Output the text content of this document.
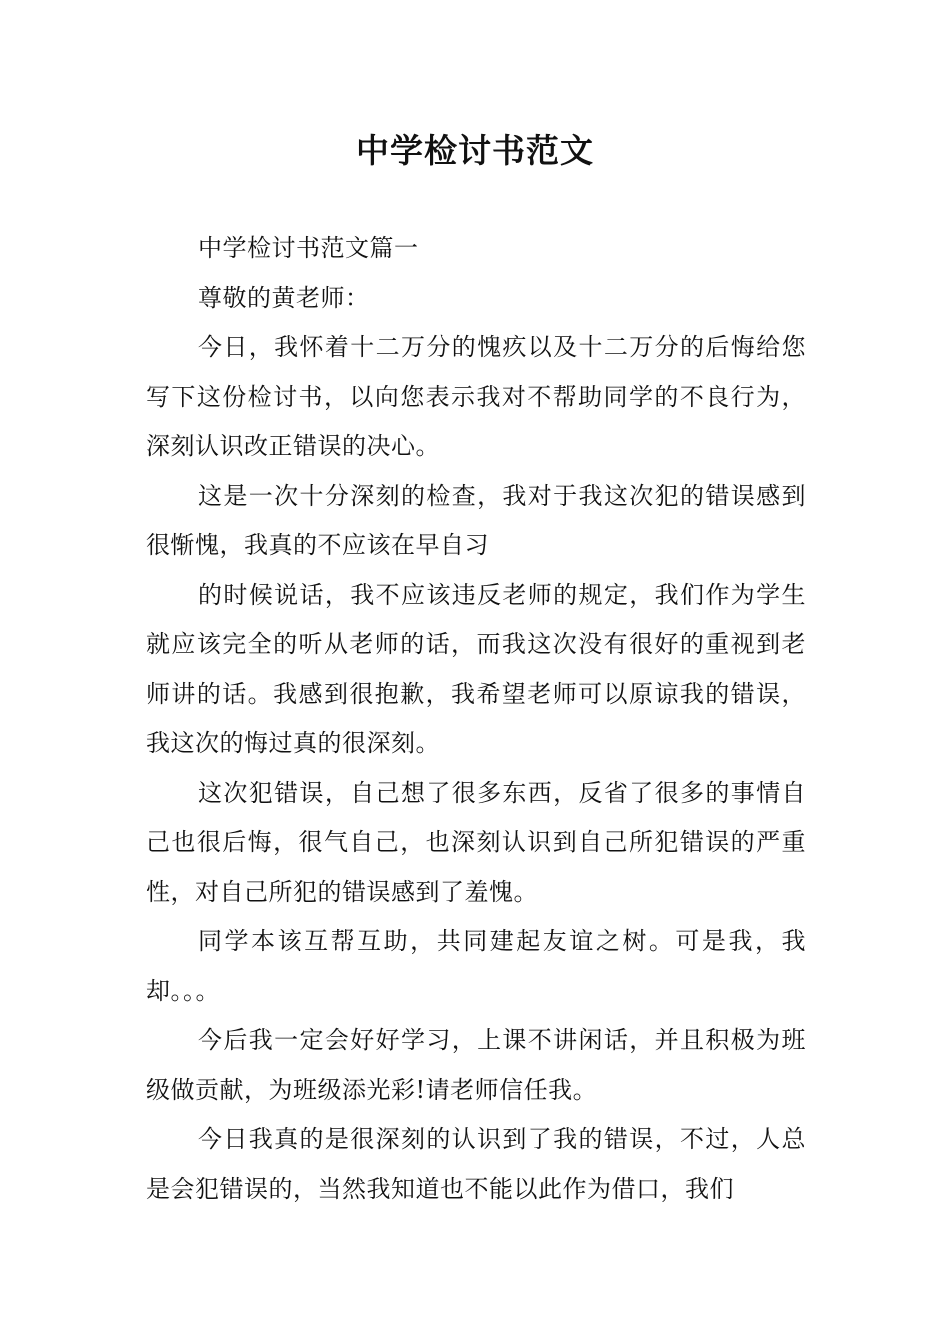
中学检讨书范文

中学检讨书范文篇一

尊敬的黄老师：

今日，我怀着十二万分的愧疚以及十二万分的后悔给您写下这份检讨书，以向您表示我对不帮助同学的不良行为，深刻认识改正错误的决心。

这是一次十分深刻的检查，我对于我这次犯的错误感到很惭愧，我真的不应该在早自习

的时候说话，我不应该违反老师的规定，我们作为学生就应该完全的听从老师的话，而我这次没有很好的重视到老师讲的话。我感到很抱歉，我希望老师可以原谅我的错误，我这次的悔过真的很深刻。

这次犯错误，自己想了很多东西，反省了很多的事情自己也很后悔，很气自己，也深刻认识到自己所犯错误的严重性，对自己所犯的错误感到了羞愧。

同学本该互帮互助，共同建起友谊之树。可是我，我却。。。

今后我一定会好好学习，上课不讲闲话，并且积极为班级做贡献，为班级添光彩!请老师信任我。

今日我真的是很深刻的认识到了我的错误，不过，人总是会犯错误的，当然我知道也不能以此作为借口，我们
